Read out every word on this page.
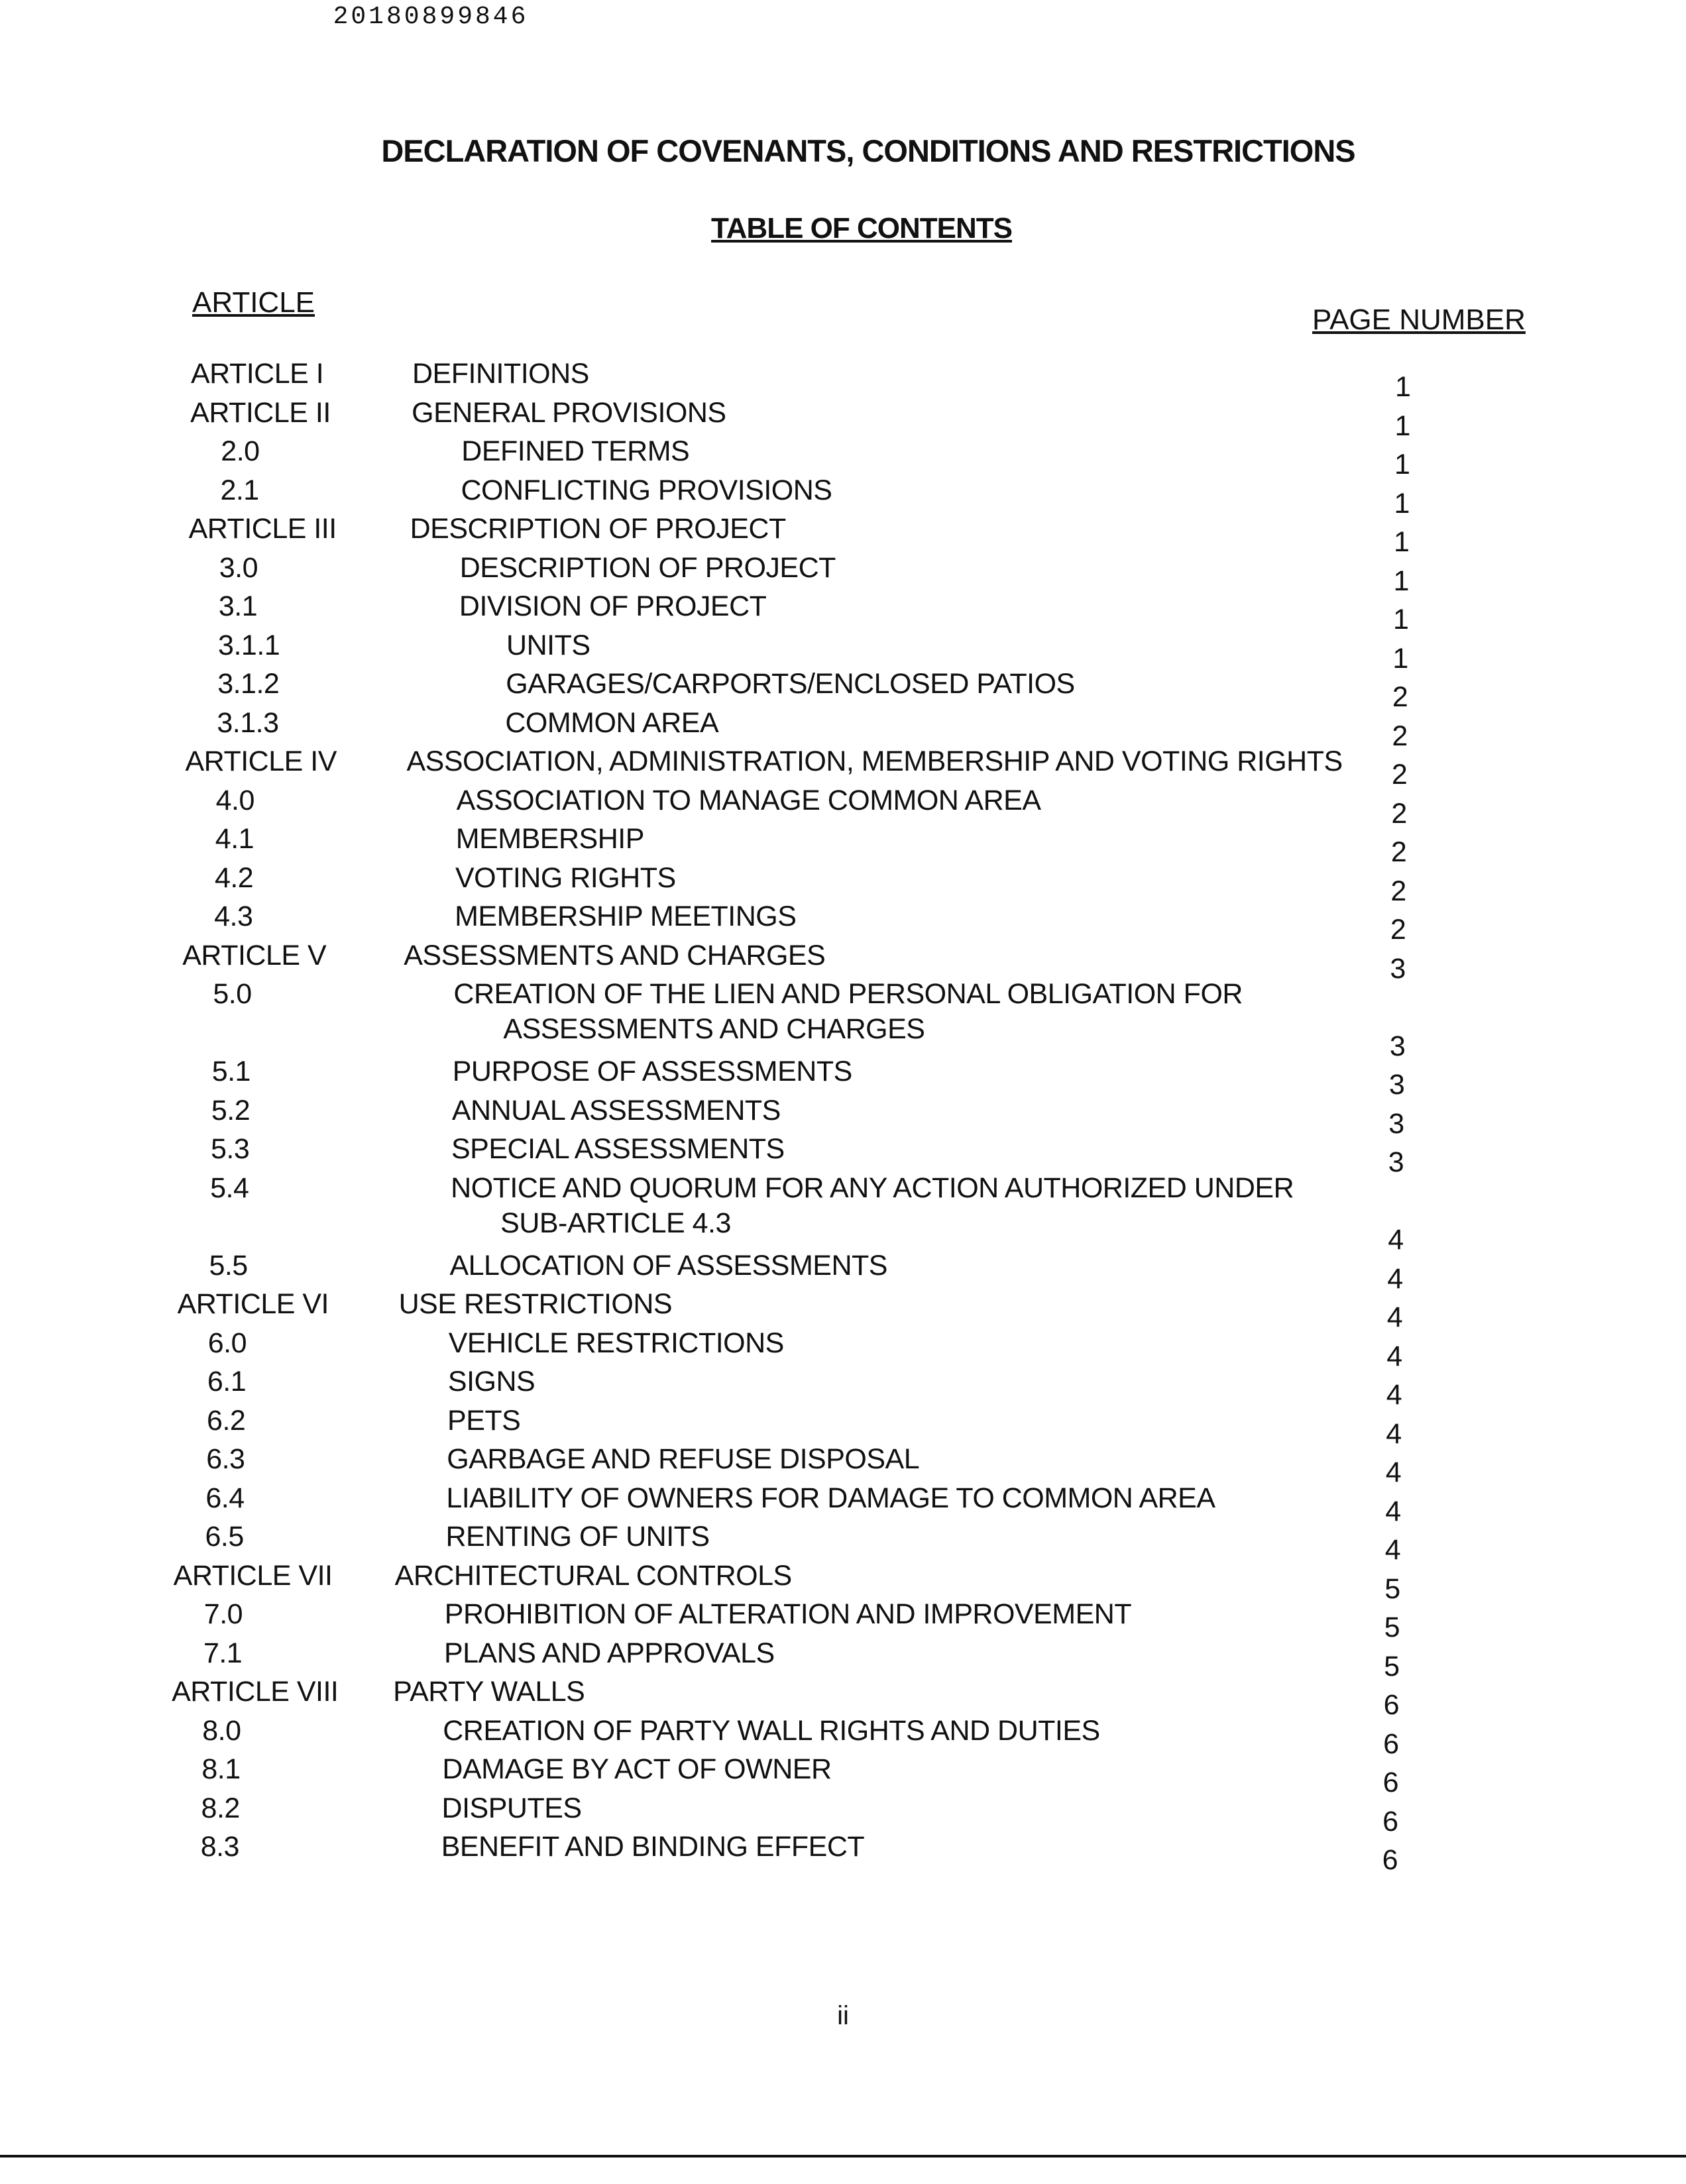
20180899846
DECLARATION OF COVENANTS, CONDITIONS AND RESTRICTIONS
TABLE OF CONTENTS
ARTICLE
PAGE NUMBER
ARTICLE I	DEFINITIONS	1
ARTICLE II	GENERAL PROVISIONS	1
2.0	DEFINED TERMS	1
2.1	CONFLICTING PROVISIONS	1
ARTICLE III	DESCRIPTION OF PROJECT	1
3.0	DESCRIPTION OF PROJECT	1
3.1	DIVISION OF PROJECT	1
3.1.1	UNITS	1
3.1.2	GARAGES/CARPORTS/ENCLOSED PATIOS	2
3.1.3	COMMON AREA	2
ARTICLE IV ASSOCIATION, ADMINISTRATION, MEMBERSHIP AND VOTING RIGHTS 2
4.0	ASSOCIATION TO MANAGE COMMON AREA	2
4.1	MEMBERSHIP	2
4.2	VOTING RIGHTS	2
4.3	MEMBERSHIP MEETINGS	2
ARTICLE V	ASSESSMENTS AND CHARGES	3
5.0	CREATION OF THE LIEN AND PERSONAL OBLIGATION FOR
ASSESSMENTS AND CHARGES
3
5.1	PURPOSE OF ASSESSMENTS	3
5.2	ANNUAL ASSESSMENTS	3
5.3	SPECIAL ASSESSMENTS	3
5.4	NOTICE AND QUORUM FOR ANY ACTION AUTHORIZED UNDER
SUB-ARTICLE 4.3
4
5.5	ALLOCATION OF ASSESSMENTS	4
ARTICLE VI USE RESTRICTIONS	4
6.0	VEHICLE RESTRICTIONS	4
6.1	SIGNS	4
6.2	PETS	4
6.3	GARBAGE AND REFUSE DISPOSAL	4
6.4	LIABILITY OF OWNERS FOR DAMAGE TO COMMON AREA	4
6.5	RENTING OF UNITS	4
ARTICLE VII ARCHITECTURAL CONTROLS	5
7.0	PROHIBITION OF ALTERATION AND IMPROVEMENT	5
7.1	PLANS AND APPROVALS	5
ARTICLE VIII PARTY WALLS	6
8.0	CREATION OF PARTY WALL RIGHTS AND DUTIES	6
8.1	DAMAGE BY ACT OF OWNER	6
8.2	DISPUTES	6
8.3	BENEFIT AND BINDING EFFECT	6
ii
